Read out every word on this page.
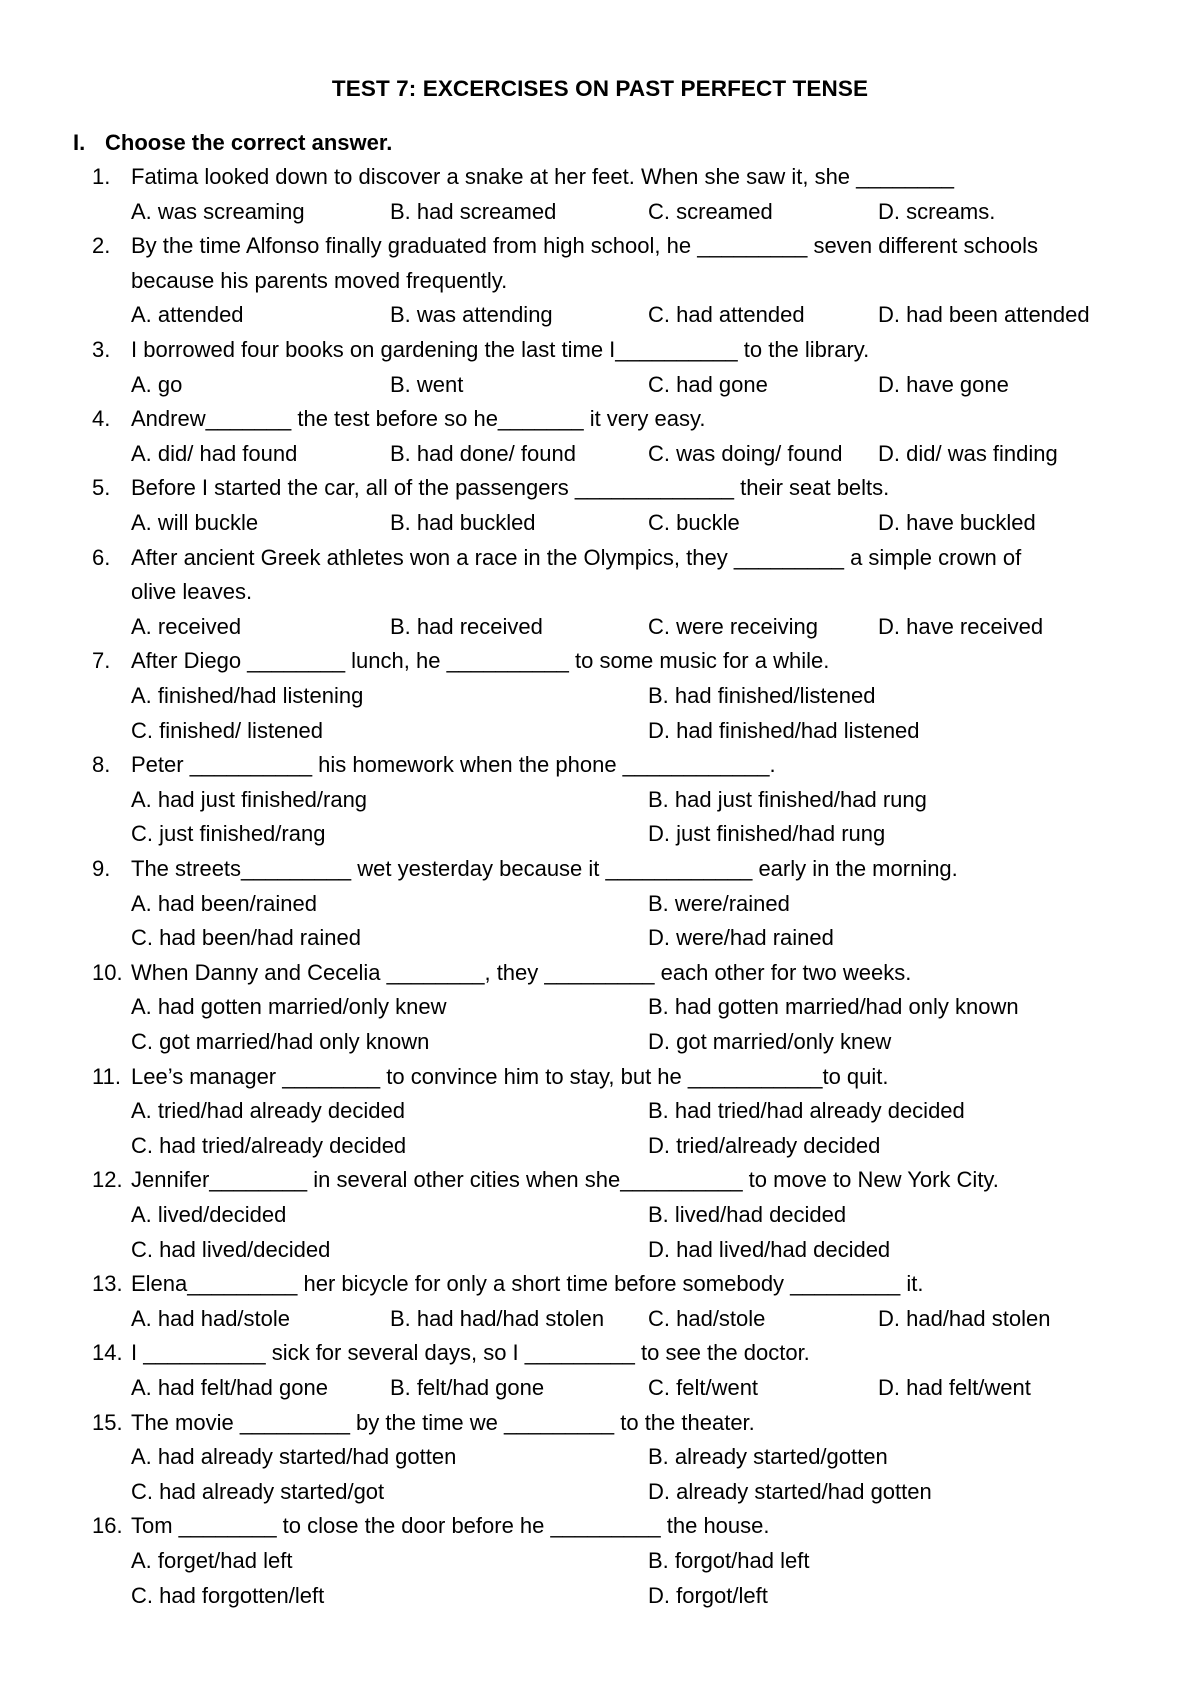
TEST 7: EXCERCISES ON PAST PERFECT TENSE
I. Choose the correct answer.
1. Fatima looked down to discover a snake at her feet. When she saw it, she ________
A. was screaming	B. had screamed	C. screamed	D. screams.
2. By the time Alfonso finally graduated from high school, he _________ seven different schools
because his parents moved frequently.
A. attended	B. was attending	C. had attended	D. had been attended
3. I borrowed four books on gardening the last time I__________ to the library.
A. go	B. went	C. had gone	D. have gone
4. Andrew_______ the test before so he_______ it very easy.
A. did/ had found	B. had done/ found	C. was doing/ found D. did/ was finding
5. Before I started the car, all of the passengers _____________ their seat belts.
A. will buckle	B. had buckled	C. buckle	D. have buckled
6. After ancient Greek athletes won a race in the Olympics, they _________ a simple crown of
olive leaves.
A. received	B. had received	C. were receiving	D. have received
7. After Diego ________ lunch, he __________ to some music for a while.
A. finished/had listening	B. had finished/listened
C. finished/ listened	D. had finished/had listened
8. Peter __________ his homework when the phone ____________.
A. had just finished/rang	B. had just finished/had rung
C. just finished/rang	D. just finished/had rung
9. The streets_________ wet yesterday because it ____________ early in the morning.
A. had been/rained	B. were/rained
C. had been/had rained	D. were/had rained
10. When Danny and Cecelia ________, they _________ each other for two weeks.
A. had gotten married/only knew	B. had gotten married/had only known
C. got married/had only known	D. got married/only knew
11. Lee’s manager ________ to convince him to stay, but he ___________to quit.
A. tried/had already decided	B. had tried/had already decided
C. had tried/already decided	D. tried/already decided
12. Jennifer________ in several other cities when she__________ to move to New York City.
A. lived/decided	B. lived/had decided
C. had lived/decided	D. had lived/had decided
13. Elena_________ her bicycle for only a short time before somebody _________ it.
A. had had/stole	B. had had/had stolen C. had/stole	D. had/had stolen
14. I __________ sick for several days, so I _________ to see the doctor.
A. had felt/had gone	B. felt/had gone	C. felt/went	D. had felt/went
15. The movie _________ by the time we _________ to the theater.
A. had already started/had gotten	B. already started/gotten
C. had already started/got	D. already started/had gotten
16. Tom ________ to close the door before he _________ the house.
A. forget/had left	B. forgot/had left
C. had forgotten/left	D. forgot/left
